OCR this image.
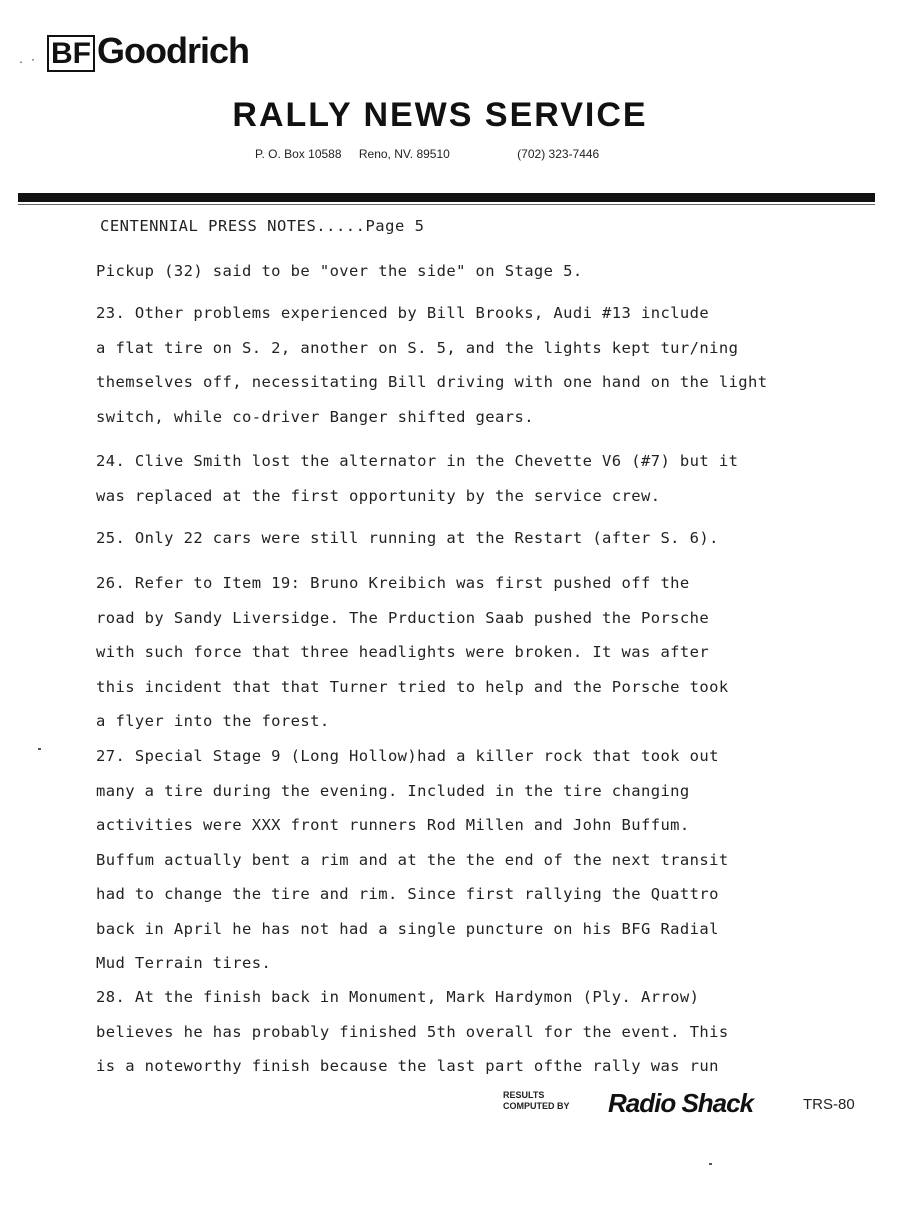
. · BF Goodrich
RALLY NEWS SERVICE
P. O. Box 10588 Reno, NV. 89510	(702) 323-7446
CENTENNIAL PRESS NOTES.....Page 5
Pickup (32) said to be "over the side" on Stage 5.
23. Other problems experienced by Bill Brooks, Audi #13 include
a flat tire on S. 2, another on S. 5, and the lights kept tur/ning
themselves off, necessitating Bill driving with one hand on the light
switch, while co-driver Banger shifted gears.
24. Clive Smith lost the alternator in the Chevette V6 (#7) but it
was replaced at the first opportunity by the service crew.
25. Only 22 cars were still running at the Restart (after S. 6).
26. Refer to Item 19: Bruno Kreibich was first pushed off the
road by Sandy Liversidge. The Prduction Saab pushed the Porsche
with such force that three headlights were broken. It was after
this incident that that Turner tried to help and the Porsche took
a flyer into the forest.
27. Special Stage 9 (Long Hollow)had a killer rock that took out
many a tire during the evening. Included in the tire changing
activities were XXX front runners Rod Millen and John Buffum.
Buffum actually bent a rim and at the the end of the next transit
had to change the tire and rim. Since first rallying the Quattro
back in April he has not had a single puncture on his BFG Radial
Mud Terrain tires.
28. At the finish back in Monument, Mark Hardymon (Ply. Arrow)
believes he has probably finished 5th overall for the event. This
is a noteworthy finish because the last part ofthe rally was run
RESULTS
COMPUTED BY Radio Shack	TRS-80
